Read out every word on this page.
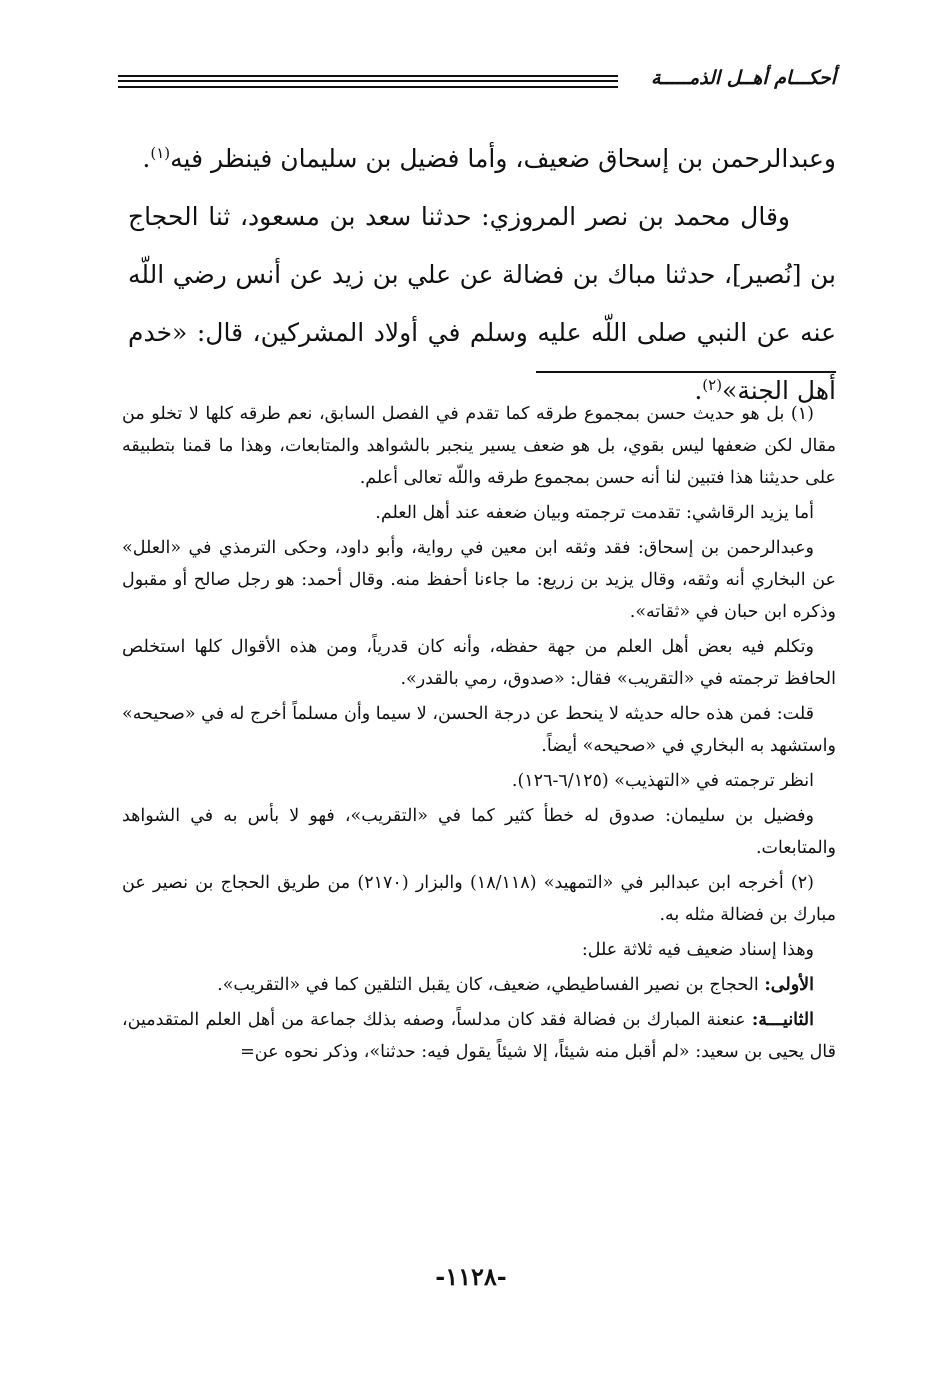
أحكـــام أهــل الذمـــــة

وعبدالرحمن بن إسحاق ضعيف، وأما فضيل بن سليمان فينظر فيه$^{(١)}$.

وقال محمد بن نصر المروزي: حدثنا سعد بن مسعود، ثنا الحجاج بن [نُصير]، حدثنا مباك بن فضالة عن علي بن زيد عن أنس رضي اللّه عنه عن النبي صلى اللّه عليه وسلم في أولاد المشركين، قال: «خدم أهل الجنة»$^{(٢)}$.

(١) بل هو حديث حسن بمجموع طرقه كما تقدم في الفصل السابق، نعم طرقه كلها لا تخلو من مقال لكن ضعفها ليس بقوي، بل هو ضعف يسير ينجبر بالشواهد والمتابعات، وهذا ما قمنا بتطبيقه على حديثنا هذا فتبين لنا أنه حسن بمجموع طرقه واللّه تعالى أعلم.

أما يزيد الرقاشي: تقدمت ترجمته وبيان ضعفه عند أهل العلم.

وعبدالرحمن بن إسحاق: فقد وثقه ابن معين في رواية، وأبو داود، وحكى الترمذي في «العلل» عن البخاري أنه وثقه، وقال يزيد بن زريع: ما جاءنا أحفظ منه. وقال أحمد: هو رجل صالح أو مقبول وذكره ابن حبان في «ثقاته».

وتكلم فيه بعض أهل العلم من جهة حفظه، وأنه كان قدرياً، ومن هذه الأقوال كلها استخلص الحافظ ترجمته في «التقريب» فقال: «صدوق، رمي بالقدر».

قلت: فمن هذه حاله حديثه لا ينحط عن درجة الحسن، لا سيما وأن مسلماً أخرج له في «صحيحه» واستشهد به البخاري في «صحيحه» أيضاً.

انظر ترجمته في «التهذيب» (٦/١٢٥-١٢٦).

وفضيل بن سليمان: صدوق له خطأ كثير كما في «التقريب»، فهو لا بأس به في الشواهد والمتابعات.

(٢) أخرجه ابن عبدالبر في «التمهيد» (١٨/١١٨) والبزار (٢١٧٠) من طريق الحجاج بن نصير عن مبارك بن فضالة مثله به.

وهذا إسناد ضعيف فيه ثلاثة علل:

الأولى: الحجاج بن نصير الفساطيطي، ضعيف، كان يقبل التلقين كما في «التقريب».

الثانيـــة: عنعنة المبارك بن فضالة فقد كان مدلساً، وصفه بذلك جماعة من أهل العلم المتقدمين، قال يحيى بن سعيد: «لم أقبل منه شيئاً، إلا شيئاً يقول فيه: حدثنا»، وذكر نحوه عن=

-١١٢٨-
